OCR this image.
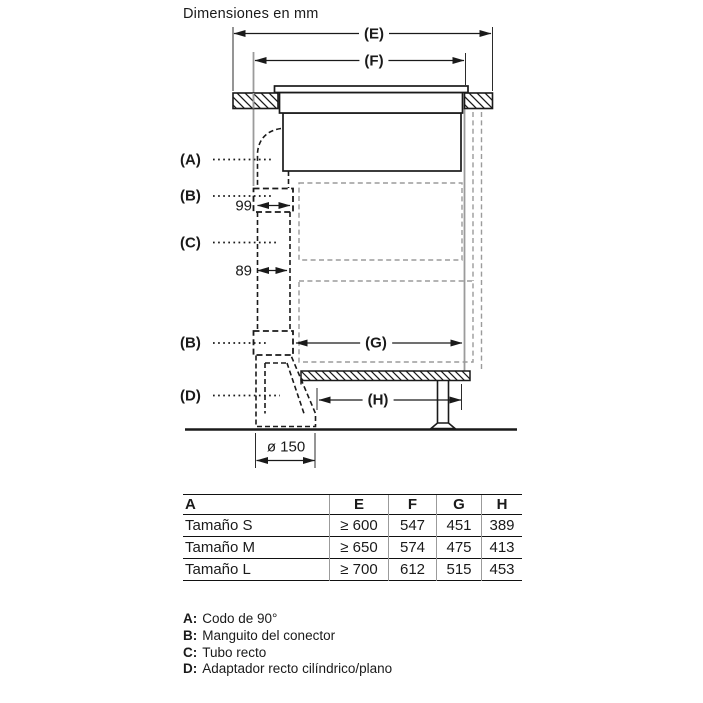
Dimensiones en mm
(A)
(B)
(C)
(B)
(D)
(E)
(F)
(G)
(H)
99
89
ø 150
A	E	F	G	H
Tamaño S	≥ 600	547	451	389
Tamaño M	≥ 650	574	475	413
Tamaño L	≥ 700	612	515	453
A: Codo de 90°
B: Manguito del conector
C: Tubo recto
D: Adaptador recto cilíndrico/plano
